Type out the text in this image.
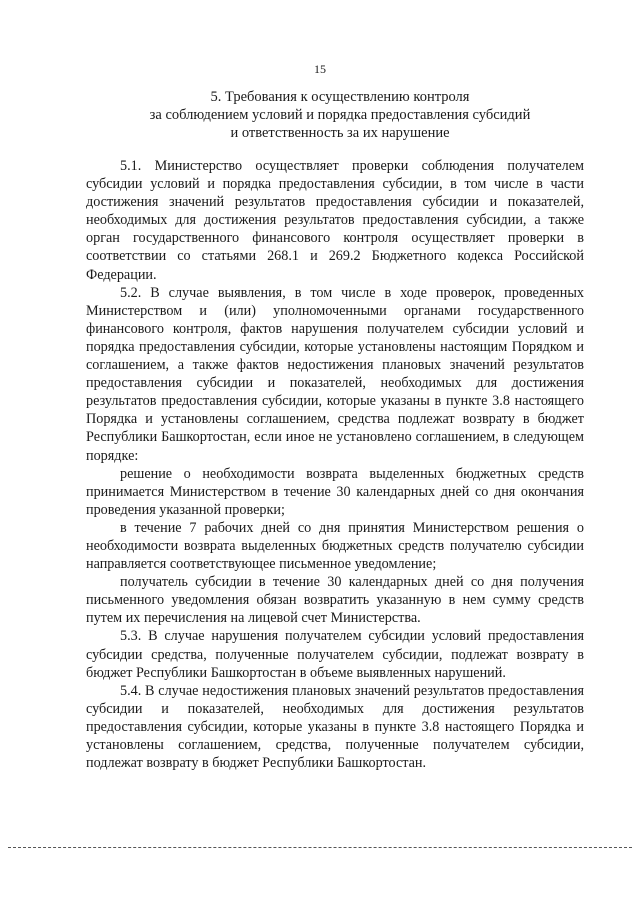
15
5. Требования к осуществлению контроля
за соблюдением условий и порядка предоставления субсидий
и ответственность за их нарушение

5.1. Министерство осуществляет проверки соблюдения получателем субсидии условий и порядка предоставления субсидии, в том числе в части достижения значений результатов предоставления субсидии и показателей, необходимых для достижения результатов предоставления субсидии, а также орган государственного финансового контроля осуществляет проверки в соответствии со статьями 268.1 и 269.2 Бюджетного кодекса Российской Федерации.

5.2. В случае выявления, в том числе в ходе проверок, проведенных Министерством и (или) уполномоченными органами государственного финансового контроля, фактов нарушения получателем субсидии условий и порядка предоставления субсидии, которые установлены настоящим Порядком и соглашением, а также фактов недостижения плановых значений результатов предоставления субсидии и показателей, необходимых для достижения результатов предоставления субсидии, которые указаны в пункте 3.8 настоящего Порядка и установлены соглашением, средства подлежат возврату в бюджет Республики Башкортостан, если иное не установлено соглашением, в следующем порядке:

решение о необходимости возврата выделенных бюджетных средств принимается Министерством в течение 30 календарных дней со дня окончания проведения указанной проверки;

в течение 7 рабочих дней со дня принятия Министерством решения о необходимости возврата выделенных бюджетных средств получателю субсидии направляется соответствующее письменное уведомление;

получатель субсидии в течение 30 календарных дней со дня получения письменного уведомления обязан возвратить указанную в нем сумму средств путем их перечисления на лицевой счет Министерства.

5.3. В случае нарушения получателем субсидии условий предоставления субсидии средства, полученные получателем субсидии, подлежат возврату в бюджет Республики Башкортостан в объеме выявленных нарушений.

5.4. В случае недостижения плановых значений результатов предоставления субсидии и показателей, необходимых для достижения результатов предоставления субсидии, которые указаны в пункте 3.8 настоящего Порядка и установлены соглашением, средства, полученные получателем субсидии, подлежат возврату в бюджет Республики Башкортостан.
